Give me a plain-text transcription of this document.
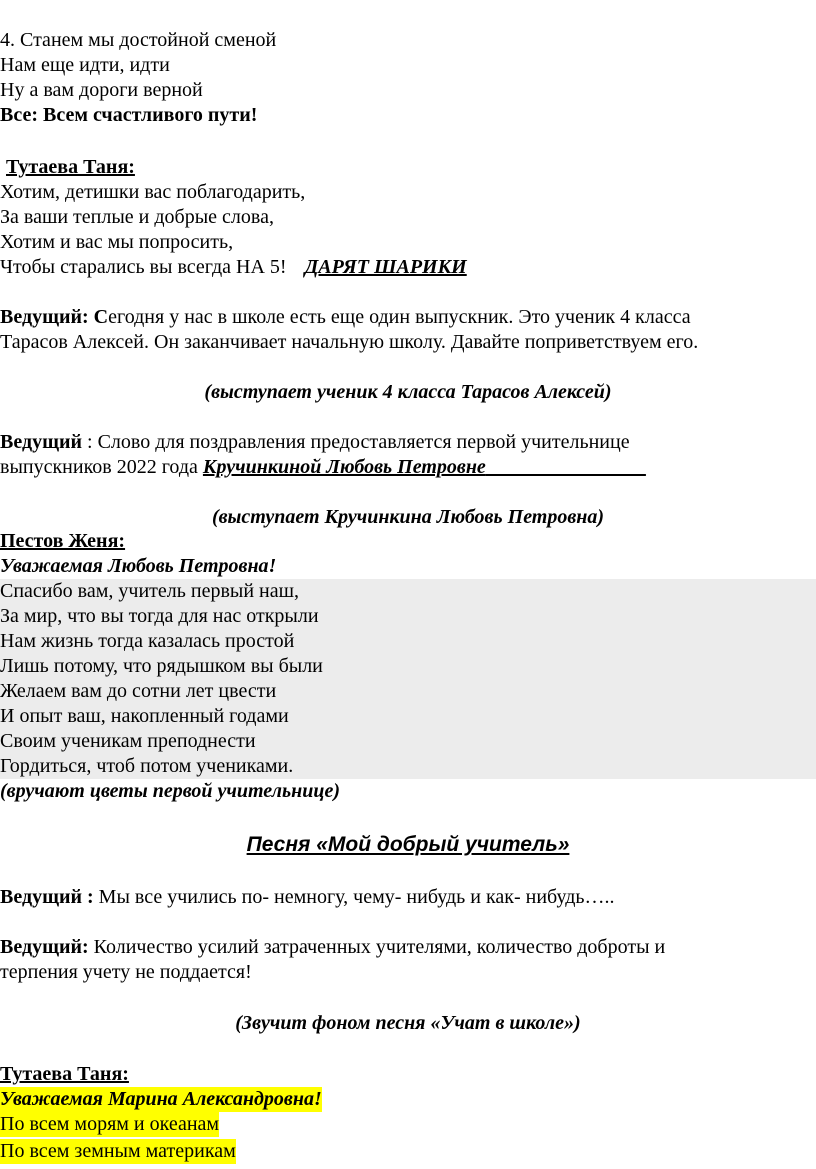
4. Станем мы достойной сменой
Нам еще идти, идти
Ну а вам дороги верной
Все: Всем счастливого пути!
Тутаева Таня:
Хотим, детишки вас поблагодарить,
За ваши теплые и добрые слова,
Хотим и вас мы попросить,
Чтобы старались вы всегда НА 5! ДАРЯТ ШАРИКИ
Ведущий: Сегодня у нас в школе есть еще один выпускник. Это ученик 4 класса
Тарасов Алексей. Он заканчивает начальную школу. Давайте поприветствуем его.
(выступает ученик 4 класса Тарасов Алексей)
Ведущий : Слово для поздравления предоставляется первой учительнице
выпускников 2022 года Кручинкиной Любовь Петровне________________
(выступает Кручинкина Любовь Петровна)
Пестов Женя:
Уважаемая Любовь Петровна!
Спасибо вам, учитель первый наш,
За мир, что вы тогда для нас открыли
Нам жизнь тогда казалась простой
Лишь потому, что рядышком вы были
Желаем вам до сотни лет цвести
И опыт ваш, накопленный годами
Своим ученикам преподнести
Гордиться, чтоб потом учениками.
(вручают цветы первой учительнице)
Песня «Мой добрый учитель»
Ведущий : Мы все учились по- немногу, чему- нибудь и как- нибудь…..
Ведущий: Количество усилий затраченных учителями, количество доброты и
терпения учету не поддается!
(Звучит фоном песня «Учат в школе»)
Тутаева Таня:
Уважаемая Марина Александровна!
По всем морям и океанам
По всем земным материкам
